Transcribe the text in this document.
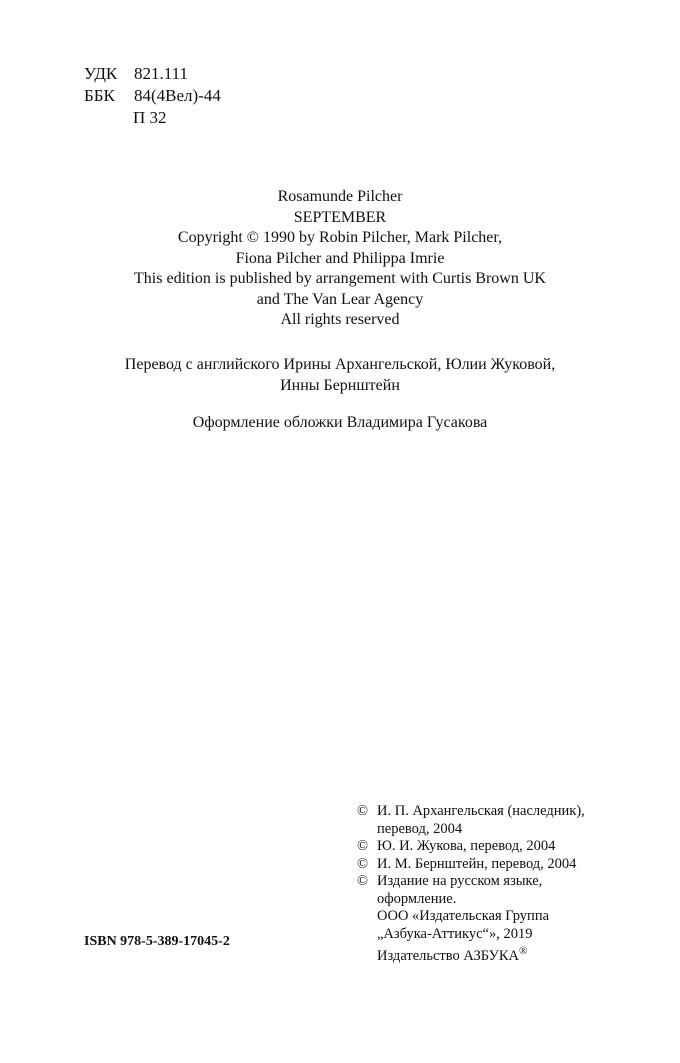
УДК 821.111
ББК 84(4Вел)-44
П 32
Rosamunde Pilcher
SEPTEMBER
Copyright © 1990 by Robin Pilcher, Mark Pilcher,
Fiona Pilcher and Philippa Imrie
This edition is published by arrangement with Curtis Brown UK
and The Van Lear Agency
All rights reserved
Перевод с английского Ирины Архангельской, Юлии Жуковой,
Инны Бернштейн
Оформление обложки Владимира Гусакова
© И. П. Архангельская (наследник),
перевод, 2004
© Ю. И. Жукова, перевод, 2004
© И. М. Бернштейн, перевод, 2004
© Издание на русском языке,
оформление.
ООО «Издательская Группа
„Азбука-Аттикус“», 2019
Издательство АЗБУКА®
ISBN 978-5-389-17045-2
